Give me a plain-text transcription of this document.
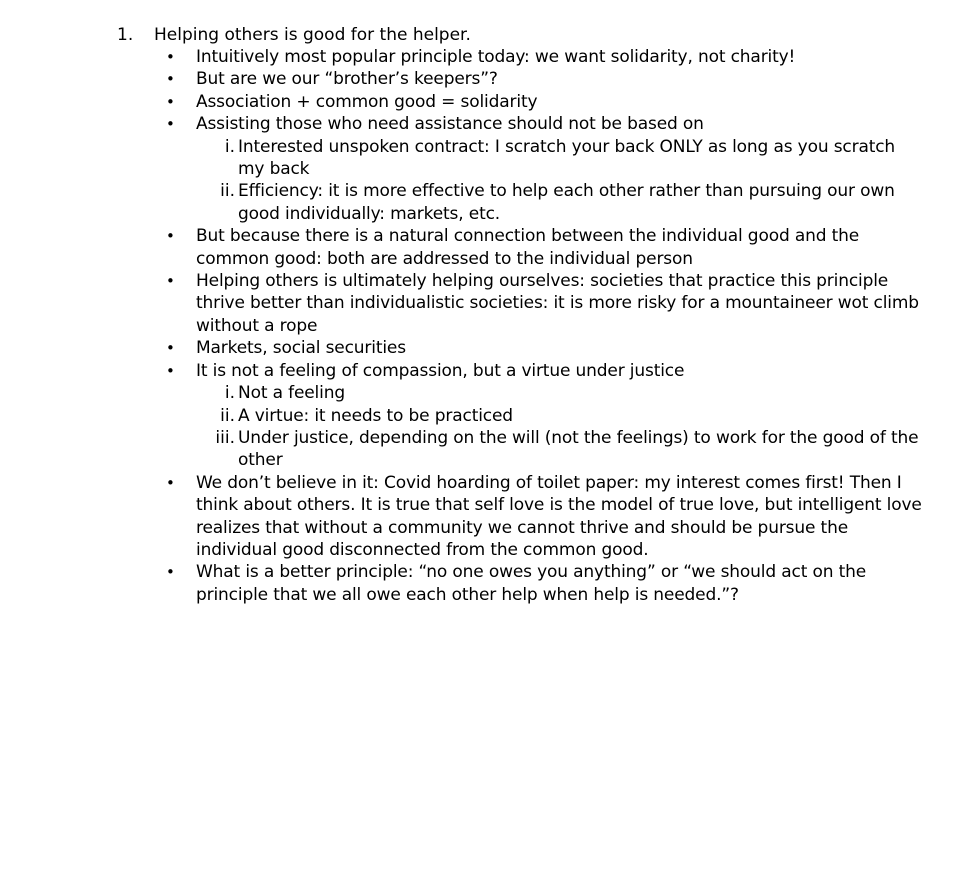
1. Helping others is good for the helper.
•	Intuitively most popular principle today: we want solidarity, not charity!
•	But are we our “brother’s keepers”?
•	Association + common good = solidarity
•	Assisting those who need assistance should not be based on
i. Interested unspoken contract: I scratch your back ONLY as long as you scratch my back
ii. Efficiency: it is more effective to help each other rather than pursuing our own good individually: markets, etc.
•	But because there is a natural connection between the individual good and the common good: both are addressed to the individual person
•	Helping others is ultimately helping ourselves: societies that practice this principle thrive better than individualistic societies: it is more risky for a mountaineer wot climb without a rope
•	Markets, social securities
•	It is not a feeling of compassion, but a virtue under justice
i. Not a feeling
ii. A virtue: it needs to be practiced
iii. Under justice, depending on the will (not the feelings) to work for the good of the other
•	We don’t believe in it: Covid hoarding of toilet paper: my interest comes first! Then I think about others. It is true that self love is the model of true love, but intelligent love realizes that without a community we cannot thrive and should be pursue the individual good disconnected from the common good.
•	What is a better principle: “no one owes you anything” or “we should act on the principle that we all owe each other help when help is needed.”?
